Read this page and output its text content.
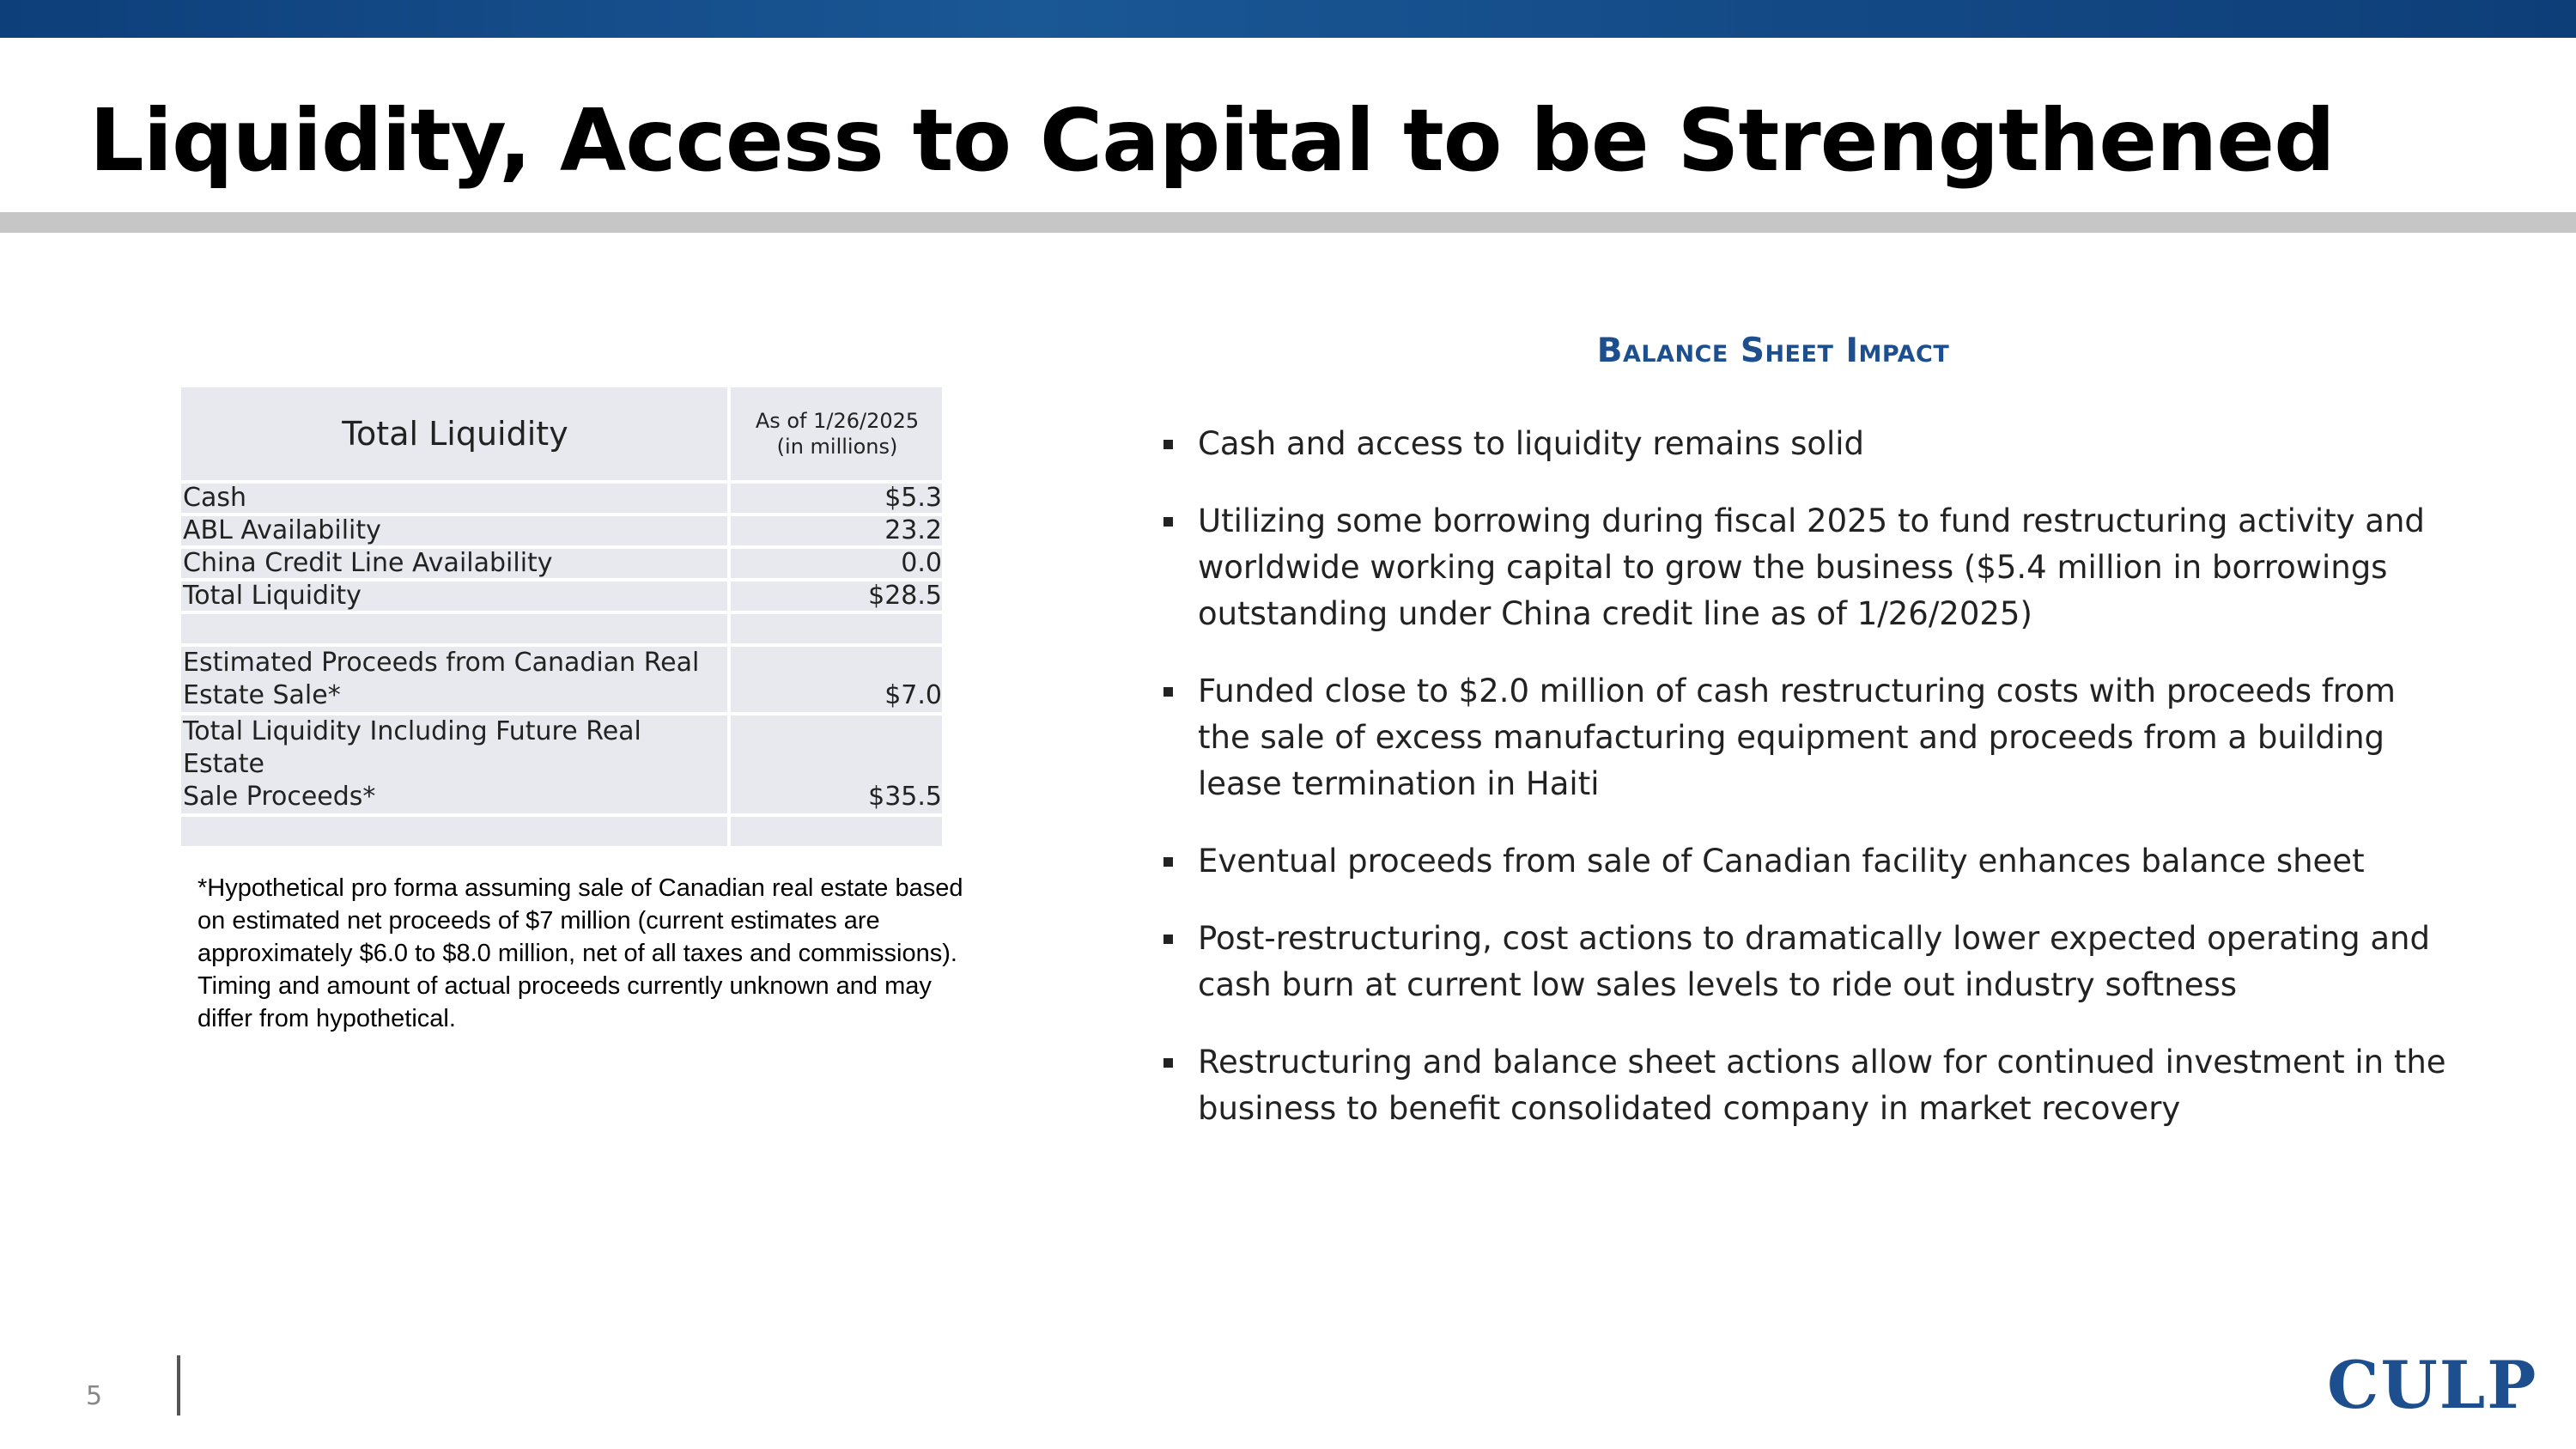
Liquidity, Access to Capital to be Strengthened
Balance Sheet Impact
Total Liquidity	As of 1/26/2025
(in millions)

Cash	$5.3
ABL Availability	23.2
China Credit Line Availability	0.0
Total Liquidity	$28.5

Estimated Proceeds from Canadian Real
Estate Sale*	$7.0

Total Liquidity Including Future Real Estate
Sale Proceeds*	$35.5

*Hypothetical pro forma assuming sale of Canadian real estate based on estimated net proceeds of $7 million (current estimates are approximately $6.0 to $8.0 million, net of all taxes and commissions). Timing and amount of actual proceeds currently unknown and may differ from hypothetical.
Cash and access to liquidity remains solid
Utilizing some borrowing during fiscal 2025 to fund restructuring activity and worldwide working capital to grow the business ($5.4 million in borrowings outstanding under China credit line as of 1/26/2025)
Funded close to $2.0 million of cash restructuring costs with proceeds from the sale of excess manufacturing equipment and proceeds from a building lease termination in Haiti
Eventual proceeds from sale of Canadian facility enhances balance sheet
Post-restructuring, cost actions to dramatically lower expected operating and cash burn at current low sales levels to ride out industry softness
Restructuring and balance sheet actions allow for continued investment in the business to benefit consolidated company in market recovery
5	CULP
